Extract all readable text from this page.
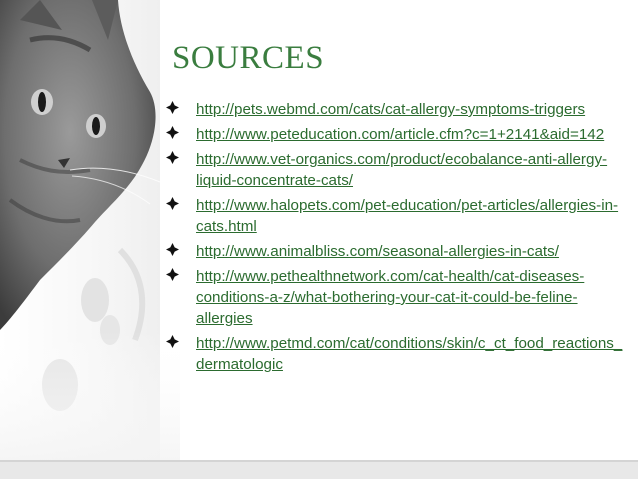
SOURCES
http://pets.webmd.com/cats/cat-allergy-symptoms-triggers
http://www.peteducation.com/article.cfm?c=1+2141&aid=142
http://www.vet-organics.com/product/ecobalance-anti-allergy-liquid-concentrate-cats/
http://www.halopets.com/pet-education/pet-articles/allergies-in-cats.html
http://www.animalbliss.com/seasonal-allergies-in-cats/
http://www.pethealthnetwork.com/cat-health/cat-diseases-conditions-a-z/what-bothering-your-cat-it-could-be-feline-allergies
http://www.petmd.com/cat/conditions/skin/c_ct_food_reactions_dermatologic
